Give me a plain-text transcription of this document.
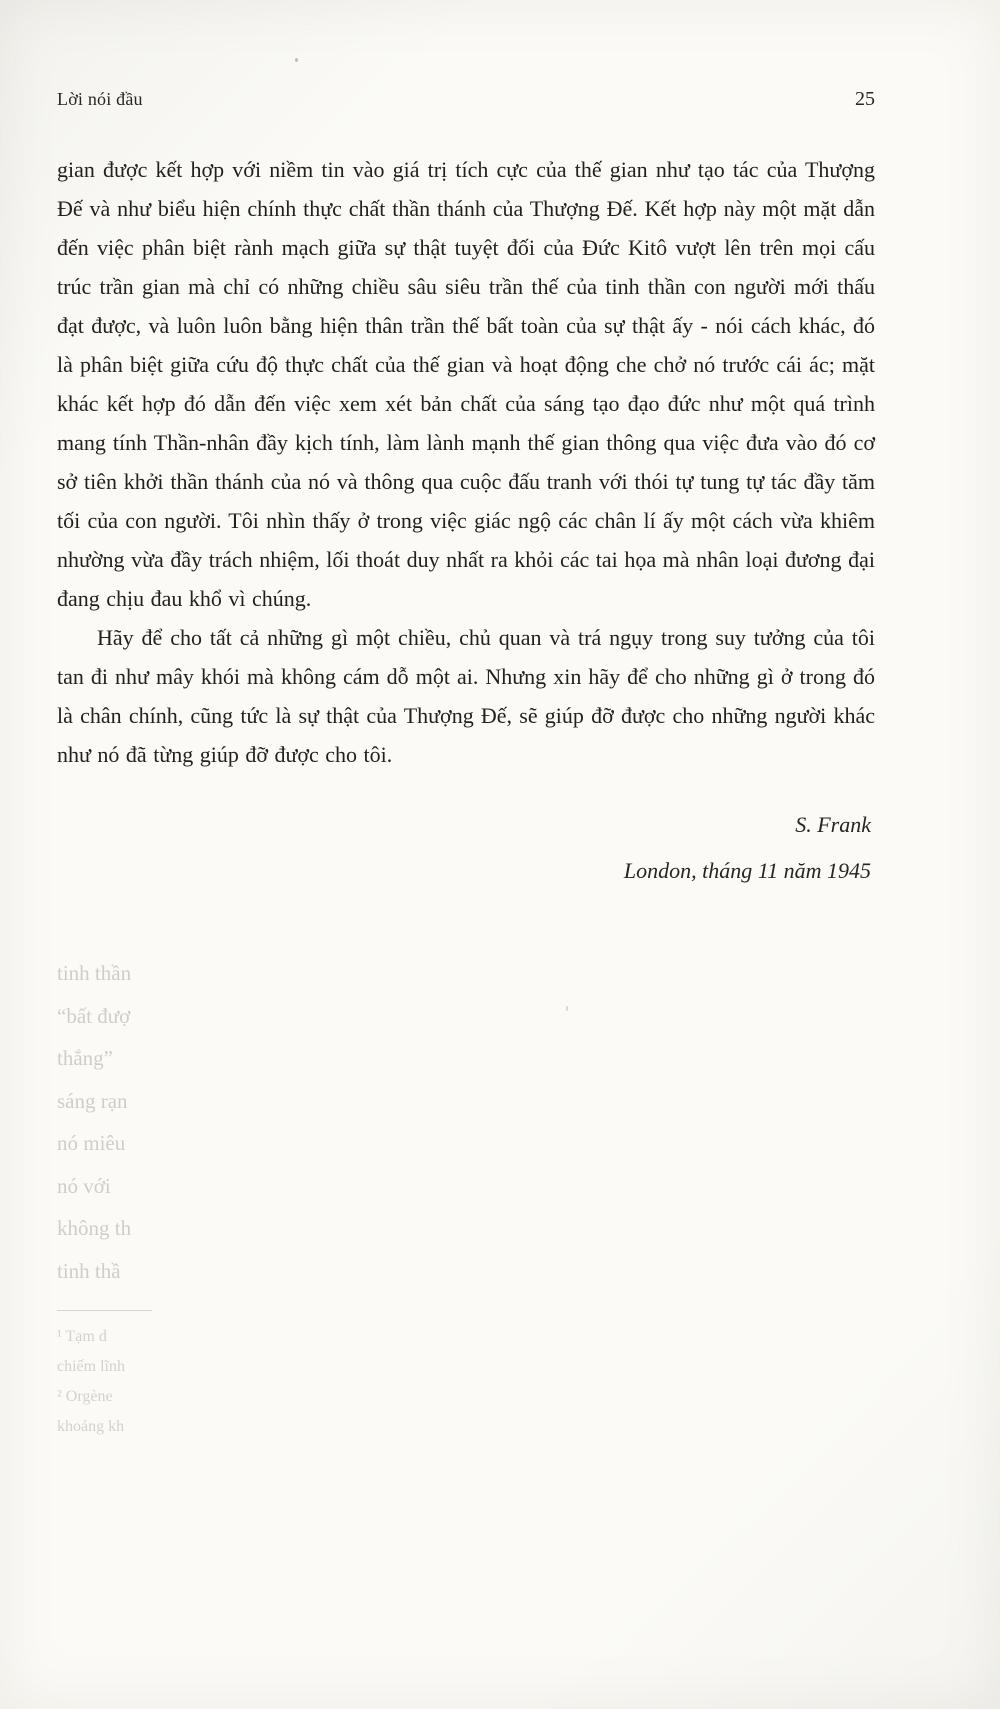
Lời nói đầu	25

gian được kết hợp với niềm tin vào giá trị tích cực của thế gian như tạo tác của Thượng Đế và như biểu hiện chính thực chất thần thánh của Thượng Đế. Kết hợp này một mặt dẫn đến việc phân biệt rành mạch giữa sự thật tuyệt đối của Đức Kitô vượt lên trên mọi cấu trúc trần gian mà chỉ có những chiều sâu siêu trần thế của tinh thần con người mới thấu đạt được, và luôn luôn bằng hiện thân trần thế bất toàn của sự thật ấy - nói cách khác, đó là phân biệt giữa cứu độ thực chất của thế gian và hoạt động che chở nó trước cái ác; mặt khác kết hợp đó dẫn đến việc xem xét bản chất của sáng tạo đạo đức như một quá trình mang tính Thần-nhân đầy kịch tính, làm lành mạnh thế gian thông qua việc đưa vào đó cơ sở tiên khởi thần thánh của nó và thông qua cuộc đấu tranh với thói tự tung tự tác đầy tăm tối của con người. Tôi nhìn thấy ở trong việc giác ngộ các chân lí ấy một cách vừa khiêm nhường vừa đầy trách nhiệm, lối thoát duy nhất ra khỏi các tai họa mà nhân loại đương đại đang chịu đau khổ vì chúng.

Hãy để cho tất cả những gì một chiều, chủ quan và trá ngụy trong suy tưởng của tôi tan đi như mây khói mà không cám dỗ một ai. Nhưng xin hãy để cho những gì ở trong đó là chân chính, cũng tức là sự thật của Thượng Đế, sẽ giúp đỡ được cho những người khác như nó đã từng giúp đỡ được cho tôi.

S. Frank
London, tháng 11 năm 1945
tinh thần
“bất đượ
thắng”
sáng rạn
nó miêu
nó với
không th
tinh thầ
¹ Tạm d
chiếm lĩnh
² Orgène
khoảng kh
